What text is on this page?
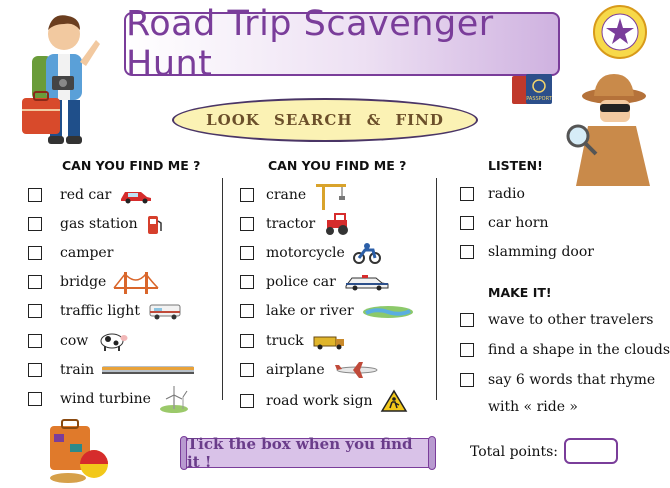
Road Trip Scavenger Hunt
PASSPORT
LOOK SEARCH & FIND
CAN YOU FIND ME ?	CAN YOU FIND ME ?	LISTEN!
MAKE IT!
red car
gas station
camper
bridge
traffic light
cow
train
wind turbine
crane
tractor
motorcycle
police car
lake or river
truck
airplane
road work sign
radio
car horn
slamming door
wave to other travelers
find a shape in the clouds
say 6 words that rhyme
with « ride »
Tick the box when you find it !
Total points:
